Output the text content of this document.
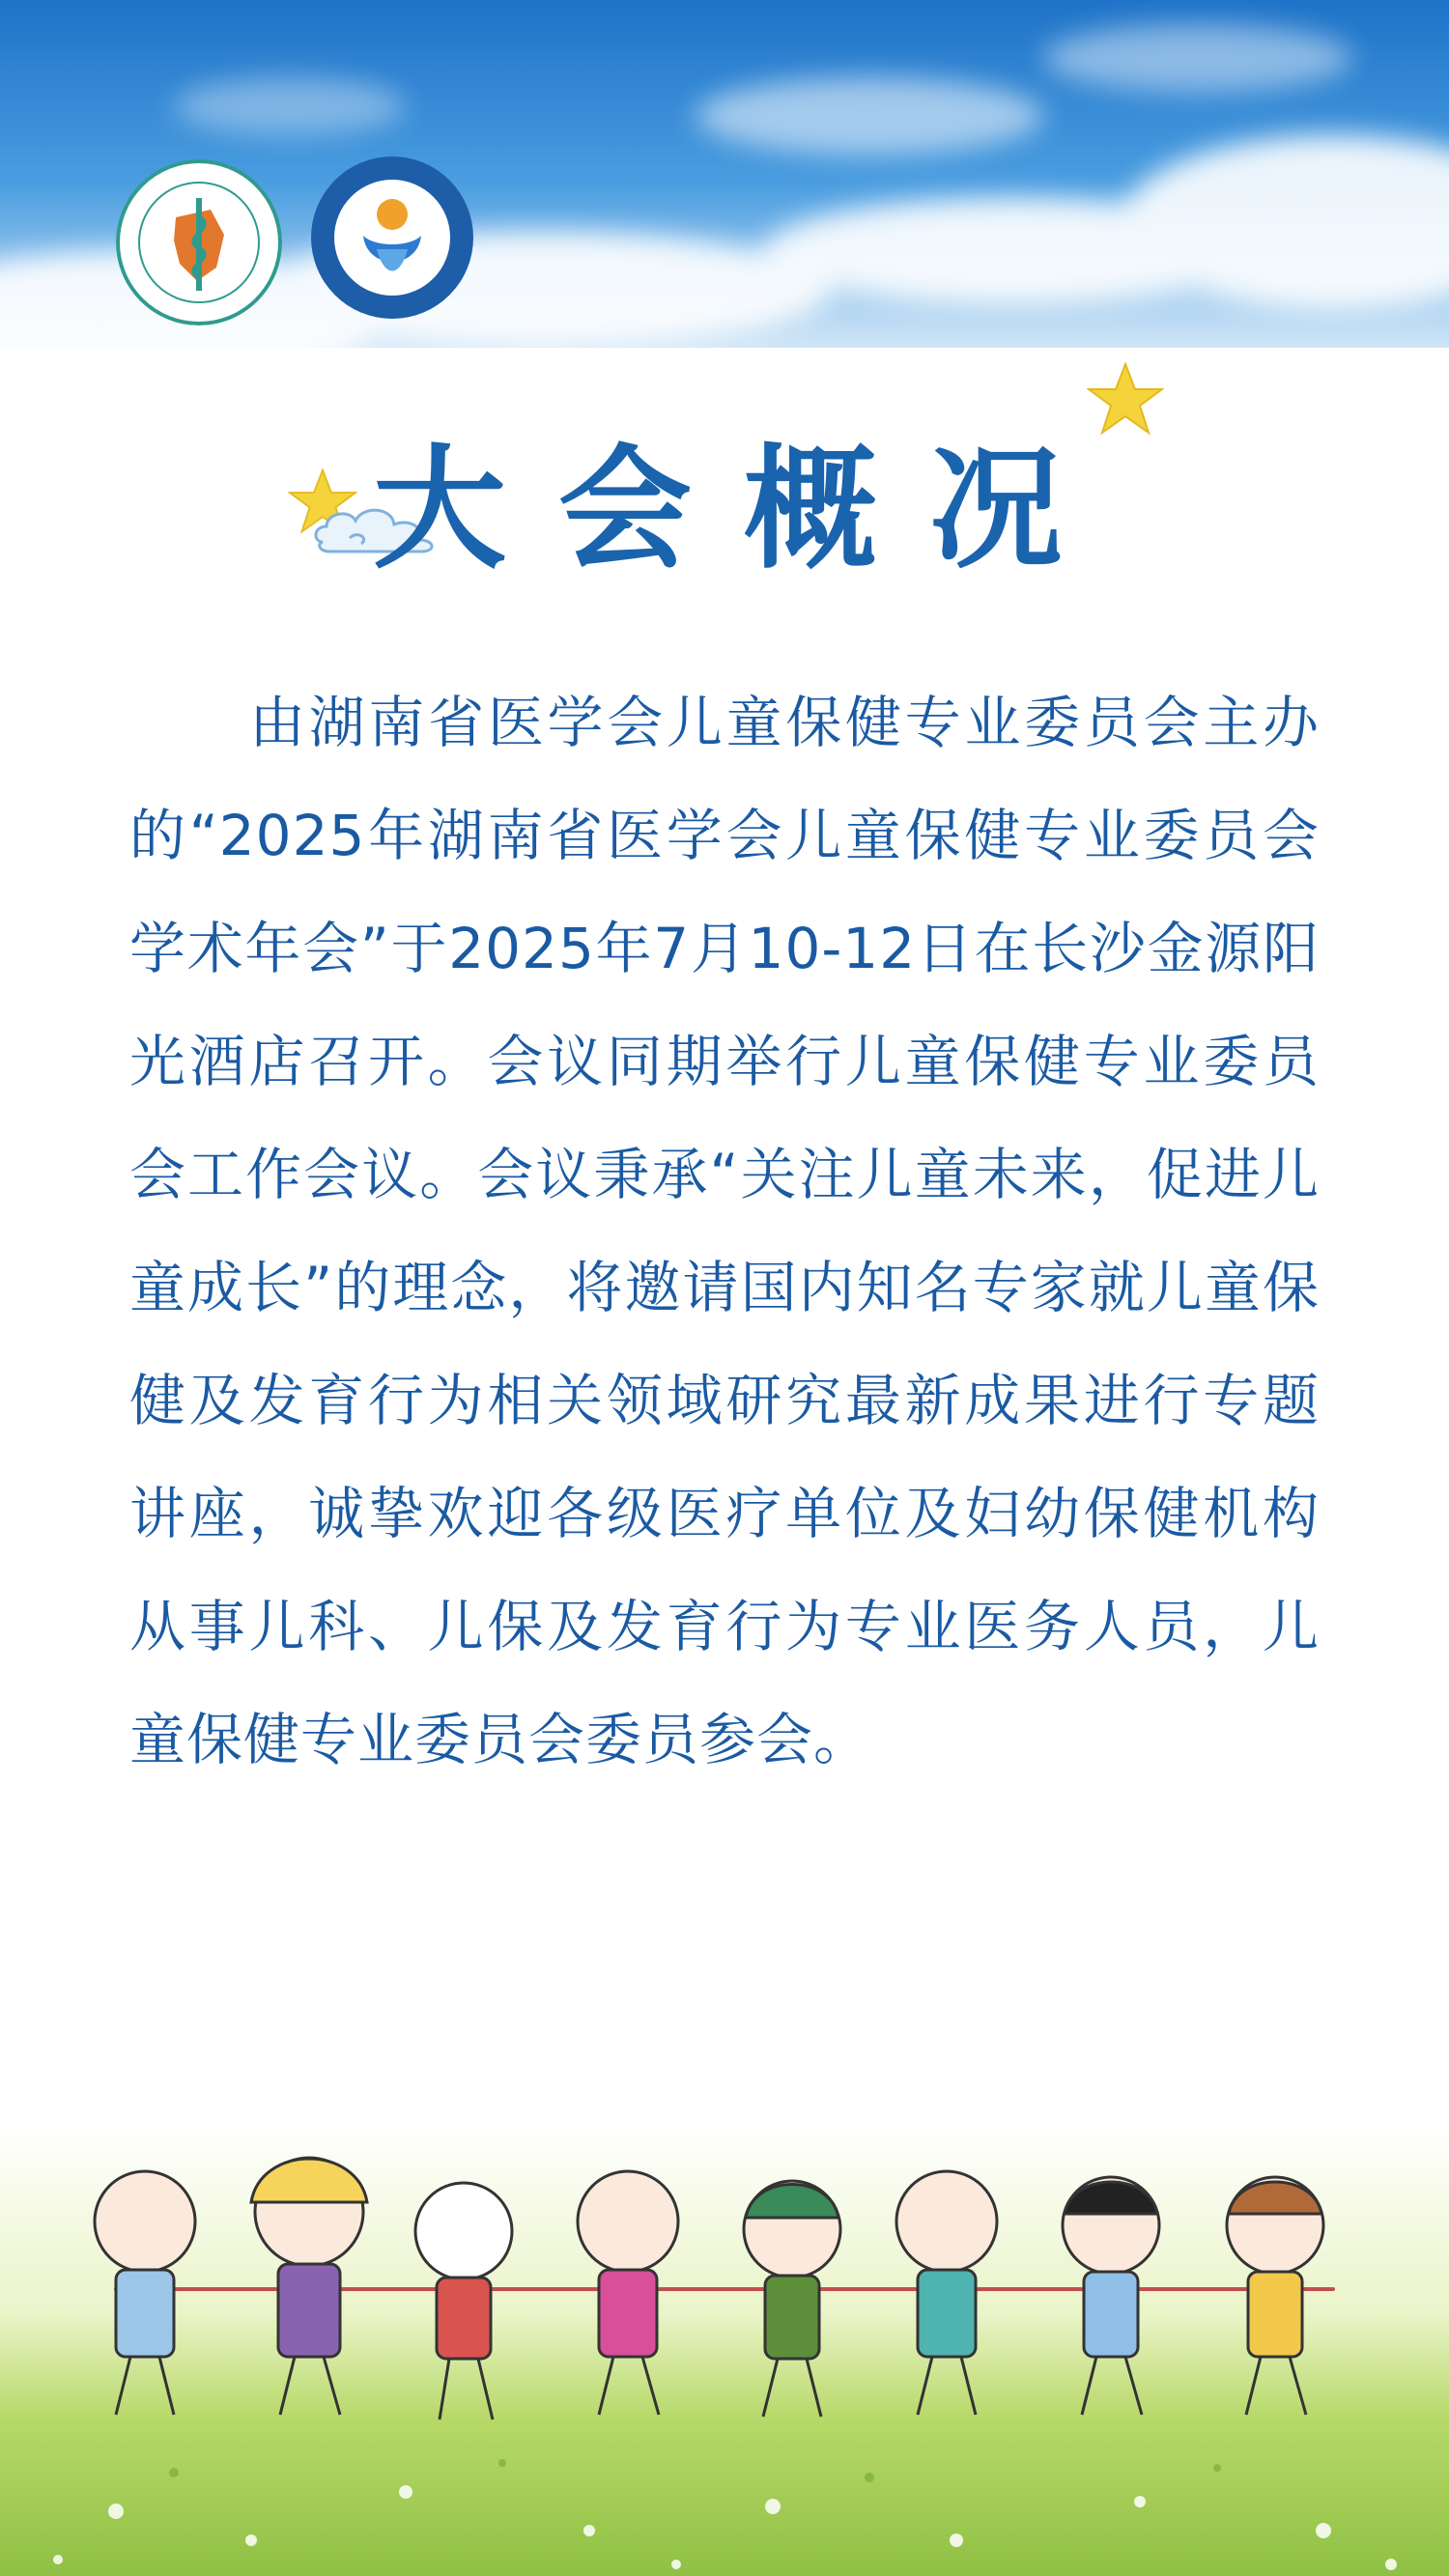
大会概况
由湖南省医学会儿童保健专业委员会主办的“2025年湖南省医学会儿童保健专业委员会学术年会”于2025年7月10-12日在长沙金源阳光酒店召开。会议同期举行儿童保健专业委员会工作会议。会议秉承“关注儿童未来，促进儿童成长”的理念，将邀请国内知名专家就儿童保健及发育行为相关领域研究最新成果进行专题讲座，诚挚欢迎各级医疗单位及妇幼保健机构从事儿科、儿保及发育行为专业医务人员，儿童保健专业委员会委员参会。
